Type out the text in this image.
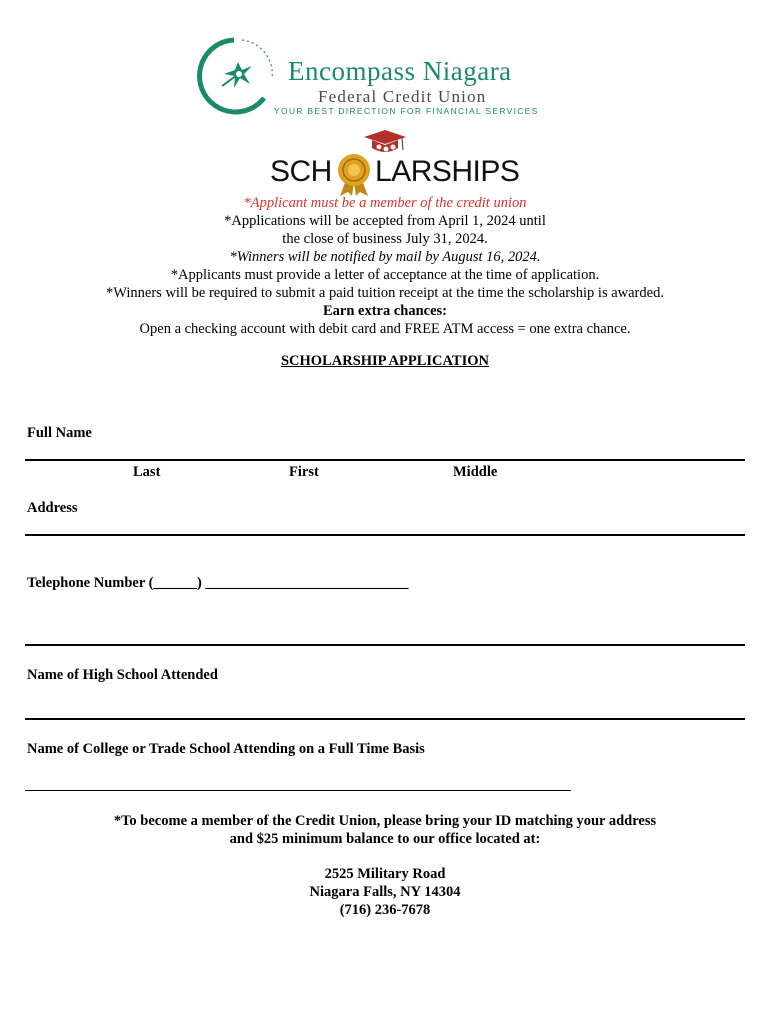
Encompass Niagara
Federal Credit Union
YOUR BEST DIRECTION FOR FINANCIAL SERVICES
SCH LARSHIPS
*Applicant must be a member of the credit union
*Applications will be accepted from April 1, 2024 until
the close of business July 31, 2024.
*Winners will be notified by mail by August 16, 2024.
*Applicants must provide a letter of acceptance at the time of application.
*Winners will be required to submit a paid tuition receipt at the time the scholarship is awarded.
Earn extra chances:
Open a checking account with debit card and FREE ATM access = one extra chance.
SCHOLARSHIP APPLICATION
Full Name
Last	First	Middle
Address
Telephone Number (______) ____________________________
Name of High School Attended
Name of College or Trade School Attending on a Full Time Basis
*To become a member of the Credit Union, please bring your ID matching your address
and $25 minimum balance to our office located at:
2525 Military Road
Niagara Falls, NY 14304
(716) 236-7678
